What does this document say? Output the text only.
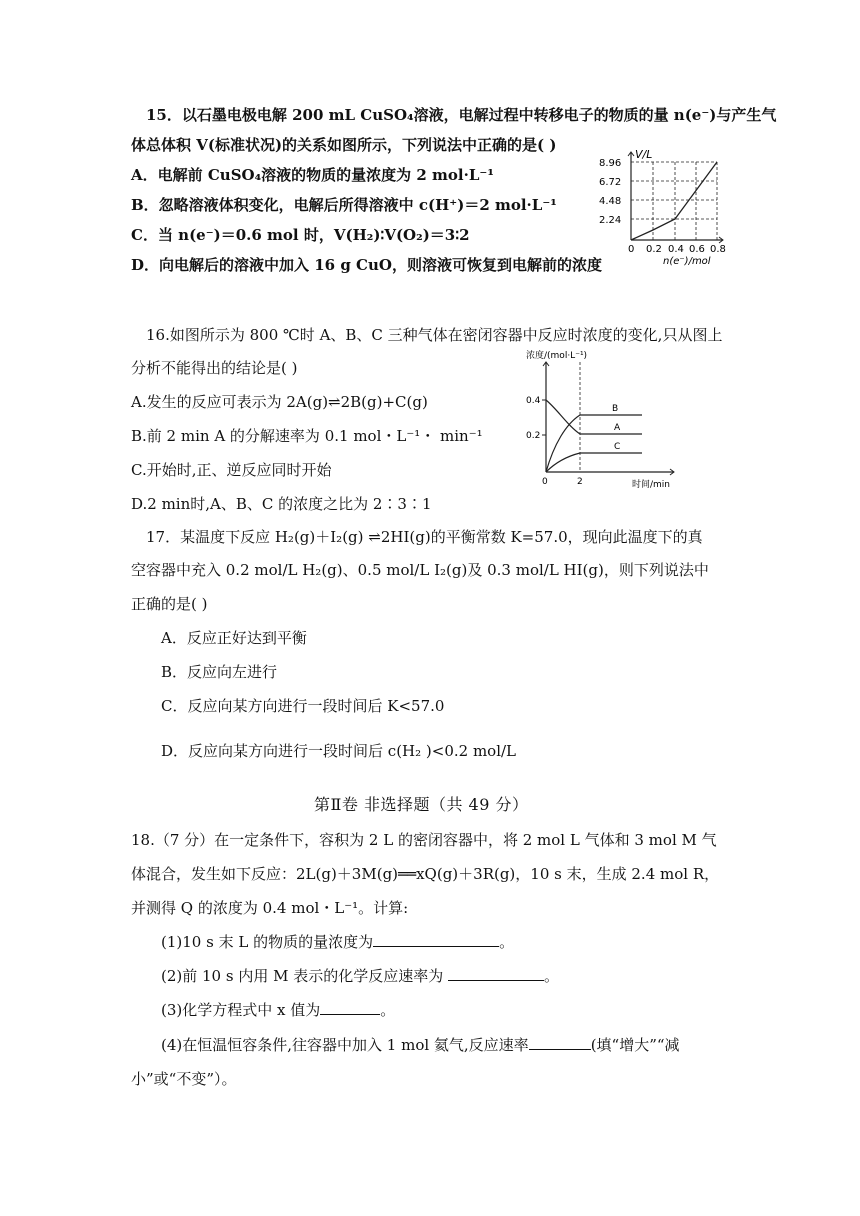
15．以石墨电极电解 200 mL CuSO₄溶液，电解过程中转移电子的物质的量 n(e⁻)与产生气
体总体积 V(标准状况)的关系如图所示，下列说法中正确的是( )
A．电解前 CuSO₄溶液的物质的量浓度为 2 mol·L⁻¹
B．忽略溶液体积变化，电解后所得溶液中 c(H⁺)＝2 mol·L⁻¹
C．当 n(e⁻)＝0.6 mol 时，V(H₂)∶V(O₂)＝3∶2
D．向电解后的溶液中加入 16 g CuO，则溶液可恢复到电解前的浓度
V/L
8.96
6.72
4.48
2.24
0 0.2 0.4 0.6 0.8
n(e⁻)/mol
16.如图所示为 800 ℃时 A、B、C 三种气体在密闭容器中反应时浓度的变化,只从图上
分析不能得出的结论是( )
A.发生的反应可表示为 2A(g)⇌2B(g)+C(g)
B.前 2 min A 的分解速率为 0.1 mol・L⁻¹・ min⁻¹
C.开始时,正、逆反应同时开始
D.2 min时,A、B、C 的浓度之比为 2∶3∶1
浓度/(mol·L⁻¹)
0.4
0.2
0	2	时间/min
B
A
C
17．某温度下反应 H₂(g)＋I₂(g) ⇌2HI(g)的平衡常数 K=57.0，现向此温度下的真
空容器中充入 0.2 mol/L H₂(g)、0.5 mol/L I₂(g)及 0.3 mol/L HI(g)，则下列说法中
正确的是( )
A．反应正好达到平衡
B．反应向左进行
C．反应向某方向进行一段时间后 K<57.0
D．反应向某方向进行一段时间后 c(H₂ )<0.2 mol/L
第Ⅱ卷 非选择题（共 49 分）
18.（7 分）在一定条件下，容积为 2 L 的密闭容器中，将 2 mol L 气体和 3 mol M 气
体混合，发生如下反应：2L(g)＋3M(g)══xQ(g)＋3R(g)，10 s 末，生成 2.4 mol R，
并测得 Q 的浓度为 0.4 mol・L⁻¹。计算:
(1)10 s 末 L 的物质的量浓度为	。
(2)前 10 s 内用 M 表示的化学反应速率为	。
(3)化学方程式中 x 值为	。
(4)在恒温恒容条件,往容器中加入 1 mol 氦气,反应速率	(填“增大”“减
小”或“不变”）。
